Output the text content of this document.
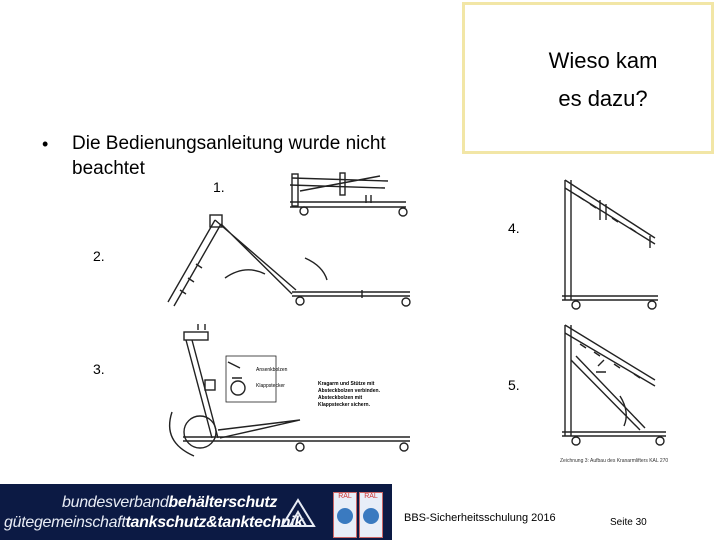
Wieso kam
es dazu?
• Die Bedienungsanleitung wurde nicht
beachtet
1.
2.
3.
4.
5.
Ansenkbolzen
Klappstecker	Kragarm und Stütze mit
Absteckbolzen verbinden.
Absteckbolzen mit
Klappstecker sichern.
Zeichnung 3: Aufbau des Kranarmlifters KAL 270
bundesverbandbehälterschutz
gütegemeinschafttankschutz&tanktechnik
RAL	RAL
BBS-Sicherheitsschulung 2016	Seite 30
